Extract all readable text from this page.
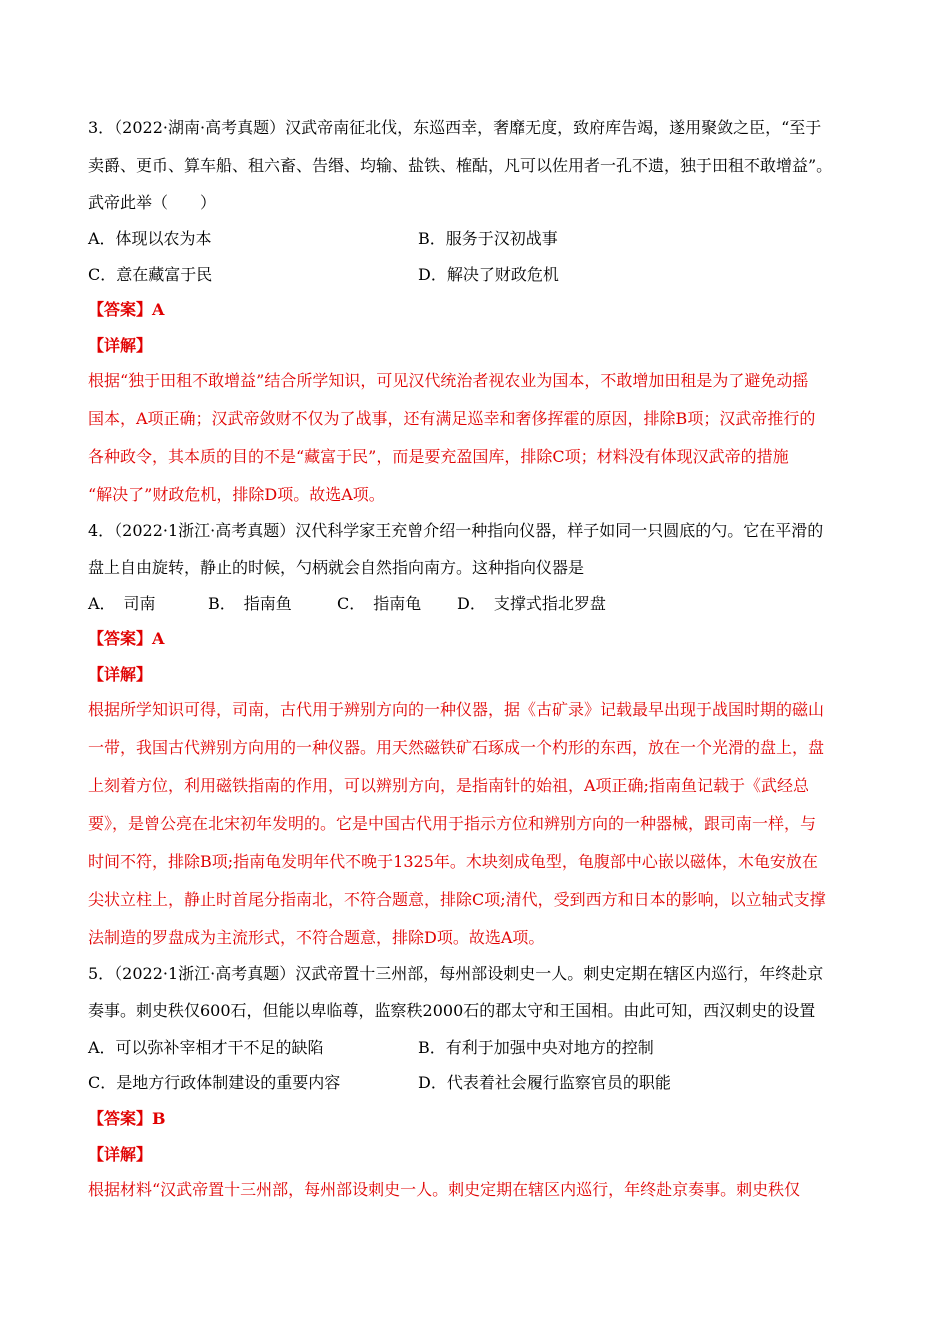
3．（2022·湖南·高考真题）汉武帝南征北伐，东巡西幸，奢靡无度，致府库告竭，遂用聚敛之臣，“至于
卖爵、更币、算车船、租六畜、告缗、均输、盐铁、榷酤，凡可以佐用者一孔不遗，独于田租不敢增益”。
武帝此举（　　）
A．体现以农为本	B．服务于汉初战事
C．意在藏富于民	D．解决了财政危机
【答案】A
【详解】
根据“独于田租不敢增益”结合所学知识，可见汉代统治者视农业为国本，不敢增加田租是为了避免动摇
国本，A项正确；汉武帝敛财不仅为了战事，还有满足巡幸和奢侈挥霍的原因，排除B项；汉武帝推行的
各种政令，其本质的目的不是“藏富于民”，而是要充盈国库，排除C项；材料没有体现汉武帝的措施
“解决了”财政危机，排除D项。故选A项。
4．（2022·1浙江·高考真题）汉代科学家王充曾介绍一种指向仪器，样子如同一只圆底的勺。它在平滑的
盘上自由旋转，静止的时候，勺柄就会自然指向南方。这种指向仪器是
A．　司南	B．　指南鱼	C．　指南龟 D．　支撑式指北罗盘
【答案】A
【详解】
根据所学知识可得，司南，古代用于辨别方向的一种仪器，据《古矿录》记载最早出现于战国时期的磁山
一带，我国古代辨别方向用的一种仪器。用天然磁铁矿石琢成一个杓形的东西，放在一个光滑的盘上，盘
上刻着方位，利用磁铁指南的作用，可以辨别方向，是指南针的始祖，A项正确;指南鱼记载于《武经总
要》，是曾公亮在北宋初年发明的。它是中国古代用于指示方位和辨别方向的一种器械，跟司南一样，与
时间不符，排除B项;指南龟发明年代不晚于1325年。木块刻成龟型，龟腹部中心嵌以磁体，木龟安放在
尖状立柱上，静止时首尾分指南北，不符合题意，排除C项;清代，受到西方和日本的影响，以立轴式支撑
法制造的罗盘成为主流形式，不符合题意，排除D项。故选A项。
5．（2022·1浙江·高考真题）汉武帝置十三州部，每州部设刺史一人。刺史定期在辖区内巡行，年终赴京
奏事。刺史秩仅600石，但能以卑临尊，监察秩2000石的郡太守和王国相。由此可知，西汉刺史的设置
A．可以弥补宰相才干不足的缺陷	B．有利于加强中央对地方的控制
C．是地方行政体制建设的重要内容	D．代表着社会履行监察官员的职能
【答案】B
【详解】
根据材料“汉武帝置十三州部，每州部设刺史一人。刺史定期在辖区内巡行，年终赴京奏事。刺史秩仅
